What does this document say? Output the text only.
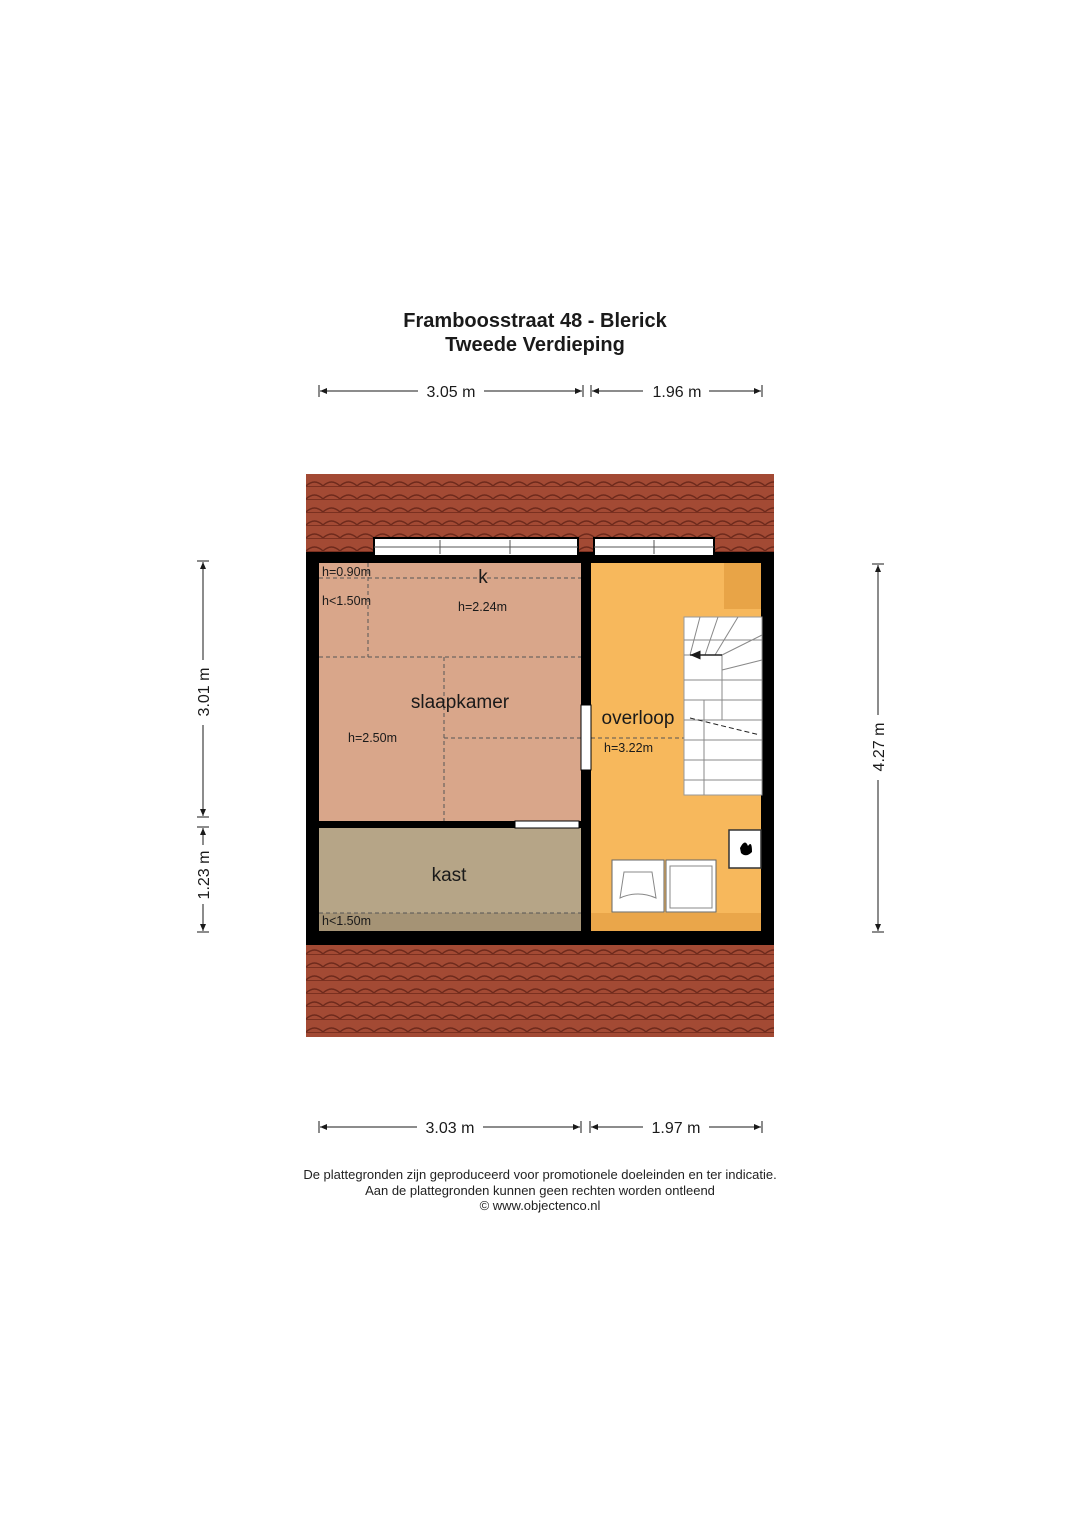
Framboosstraat 48 - Blerick
Tweede Verdieping
k
slaapkamer
overloop
kast
h=0.90m
h<1.50m	h=2.24m
h=2.50m
h=3.22m
h<1.50m
3.05 m	1.96 m
3.03 m	1.97 m
3.01 m
1.23 m
4.27 m
De plattegronden zijn geproduceerd voor promotionele doeleinden en ter indicatie.
Aan de plattegronden kunnen geen rechten worden ontleend
© www.objectenco.nl
